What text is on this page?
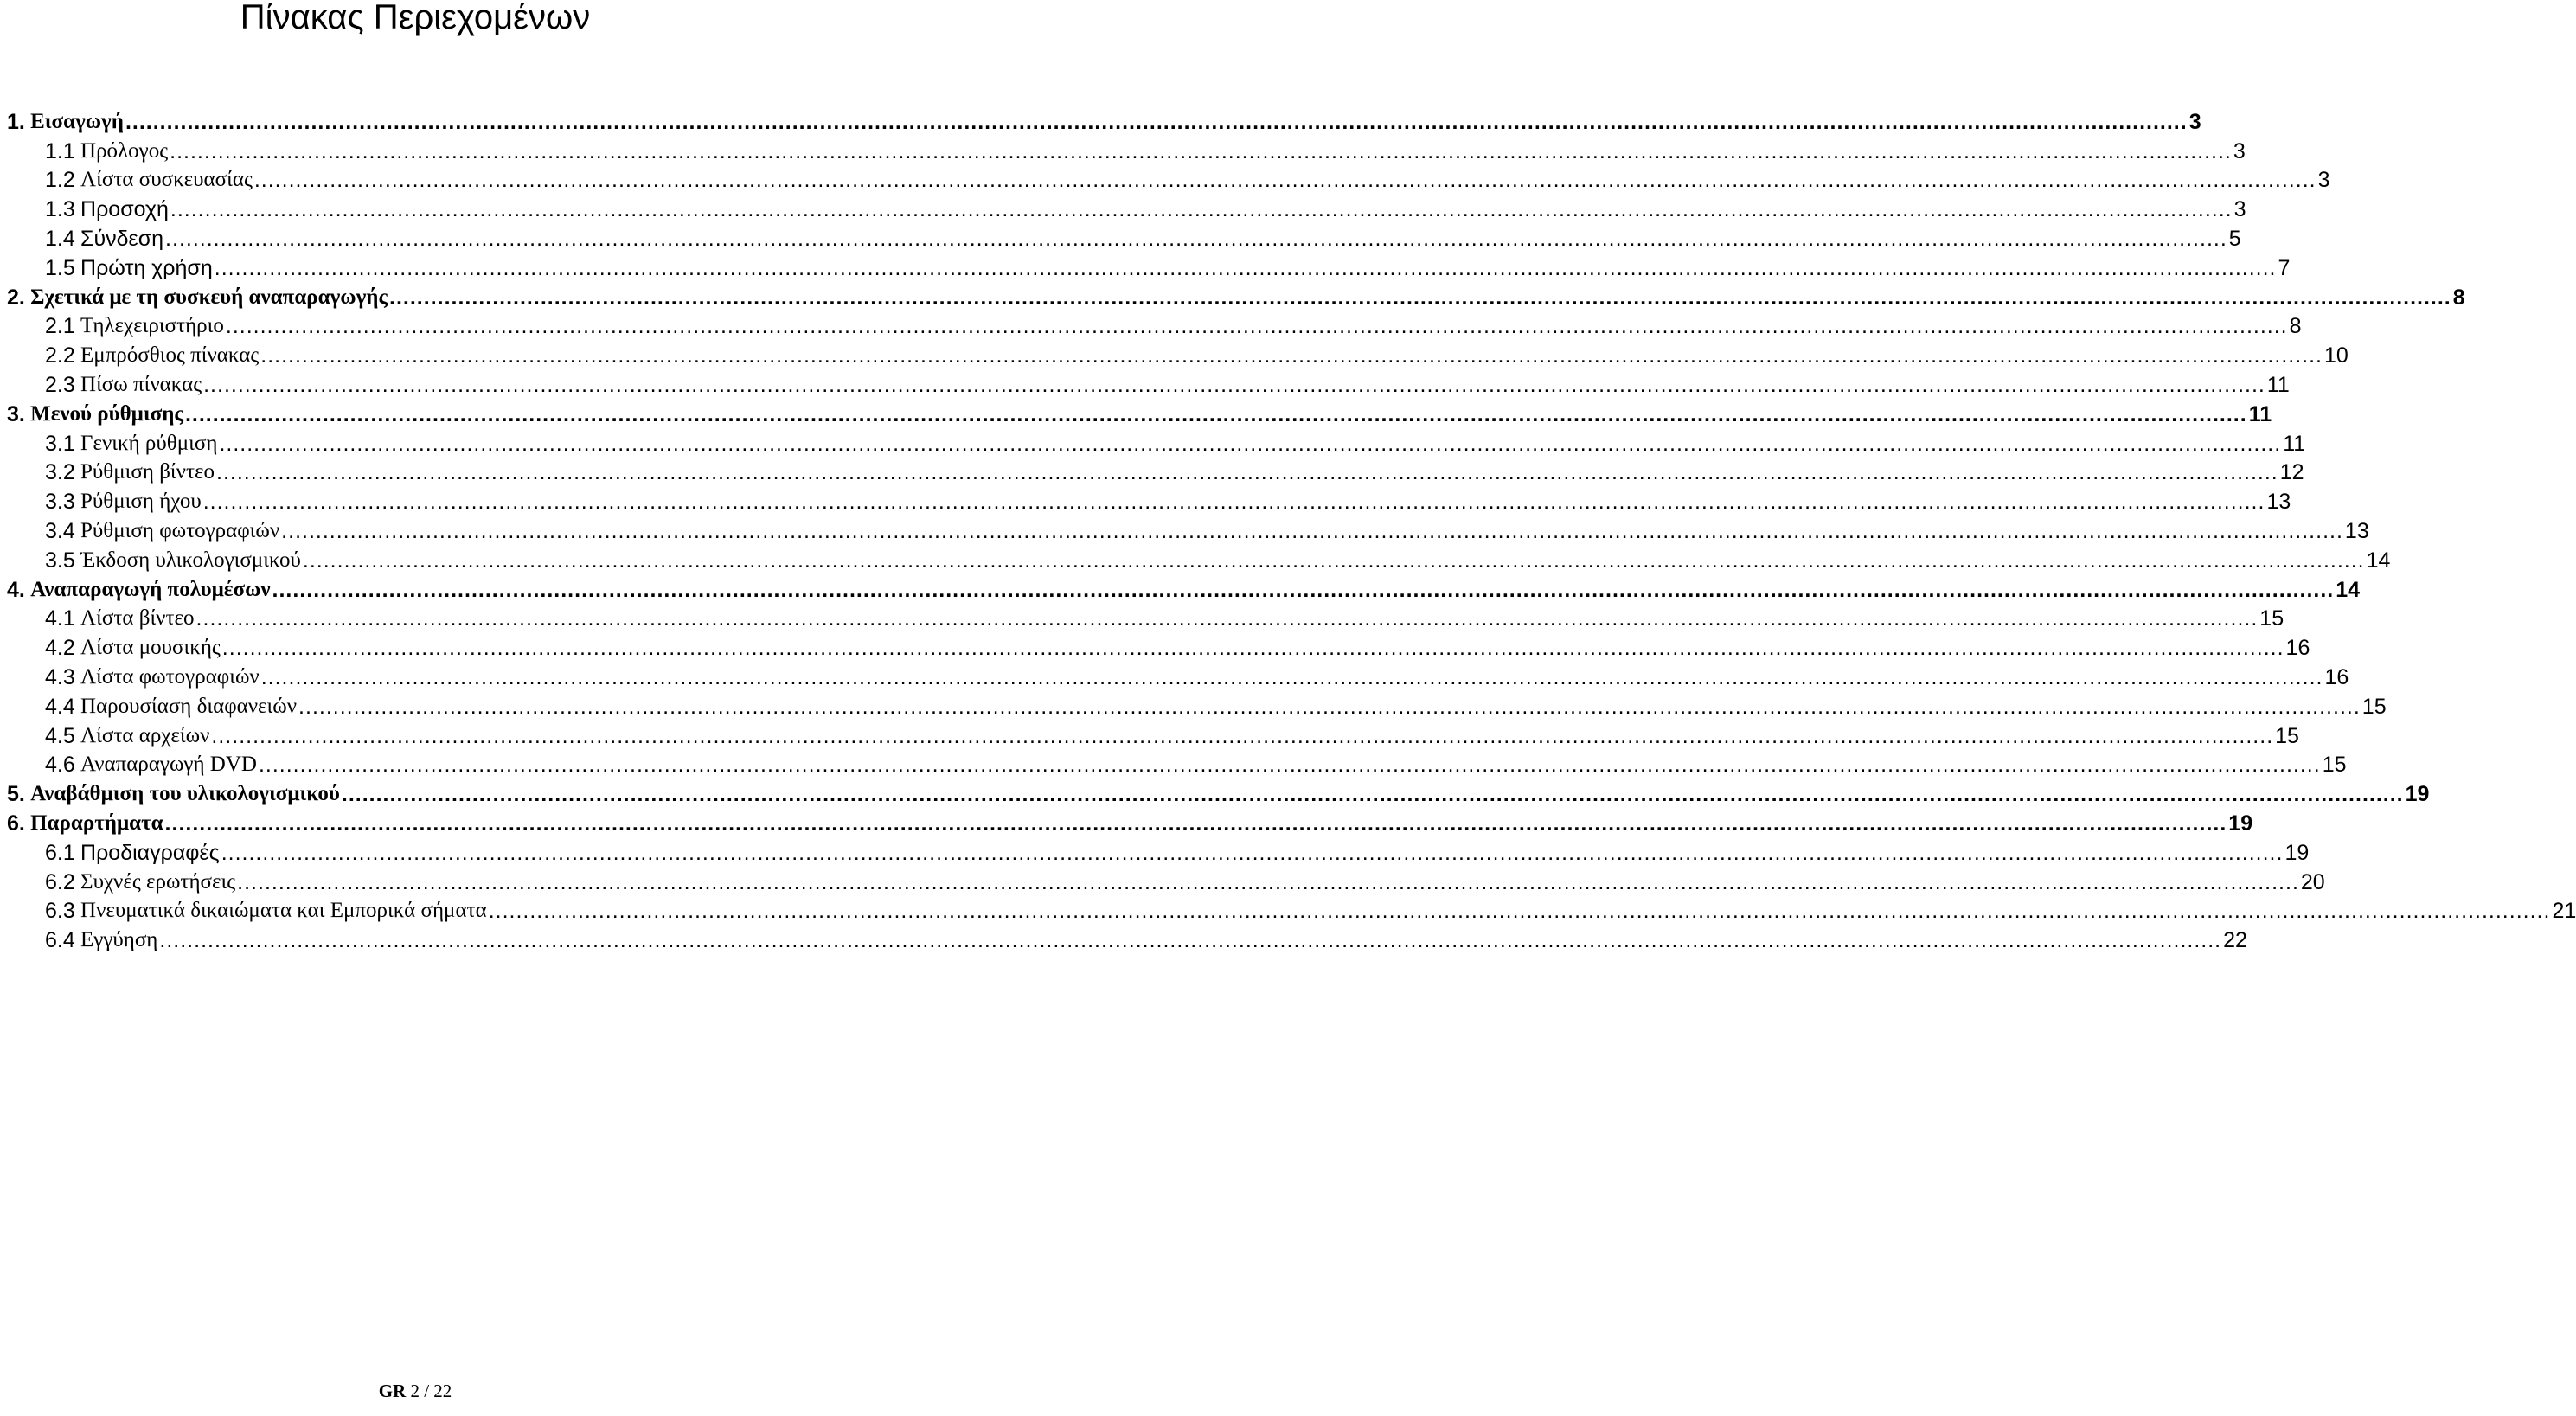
Πίνακας Περιεχομένων
1.
Εισαγωγή ............................................................................................................................................................................................................................................................................................................ 3
1.1
Πρόλογος ............................................................................................................................................................................................................................................................................................................ 3
1.2
Λίστα συσκευασίας ............................................................................................................................................................................................................................................................................................................ 3
1.3
Προσοχή ............................................................................................................................................................................................................................................................................................................ 3
1.4
Σύνδεση ............................................................................................................................................................................................................................................................................................................ 5
1.5
Πρώτη χρήση ............................................................................................................................................................................................................................................................................................................ 7
2.
Σχετικά με τη συσκευή αναπαραγωγής ............................................................................................................................................................................................................................................................................................................ 8
2.1
Τηλεχειριστήριο ............................................................................................................................................................................................................................................................................................................ 8
2.2
Εμπρόσθιος πίνακας ............................................................................................................................................................................................................................................................................................................ 10
2.3
Πίσω πίνακας ............................................................................................................................................................................................................................................................................................................ 11
3.
Μενού ρύθμισης ............................................................................................................................................................................................................................................................................................................ 11
3.1
Γενική ρύθμιση ............................................................................................................................................................................................................................................................................................................ 11
3.2
Ρύθμιση βίντεο ............................................................................................................................................................................................................................................................................................................ 12
3.3
Ρύθμιση ήχου ............................................................................................................................................................................................................................................................................................................ 13
3.4
Ρύθμιση φωτογραφιών ............................................................................................................................................................................................................................................................................................................ 13
3.5
Έκδοση υλικολογισμικού ............................................................................................................................................................................................................................................................................................................ 14
4.
Αναπαραγωγή πολυμέσων ............................................................................................................................................................................................................................................................................................................ 14
4.1
Λίστα βίντεο ............................................................................................................................................................................................................................................................................................................ 15
4.2
Λίστα μουσικής ............................................................................................................................................................................................................................................................................................................ 16
4.3
Λίστα φωτογραφιών ............................................................................................................................................................................................................................................................................................................ 16
4.4
Παρουσίαση διαφανειών ............................................................................................................................................................................................................................................................................................................ 15
4.5
Λίστα αρχείων ............................................................................................................................................................................................................................................................................................................ 15
4.6
Αναπαραγωγή DVD ............................................................................................................................................................................................................................................................................................................ 15
5.
Αναβάθμιση του υλικολογισμικού ............................................................................................................................................................................................................................................................................................................ 19
6.
Παραρτήματα ............................................................................................................................................................................................................................................................................................................ 19
6.1
Προδιαγραφές ............................................................................................................................................................................................................................................................................................................ 19
6.2
Συχνές ερωτήσεις ............................................................................................................................................................................................................................................................................................................ 20
6.3
Πνευματικά δικαιώματα και Εμπορικά σήματα ............................................................................................................................................................................................................................................................................................................ 21
6.4
Εγγύηση ............................................................................................................................................................................................................................................................................................................ 22
GR 2 / 22
